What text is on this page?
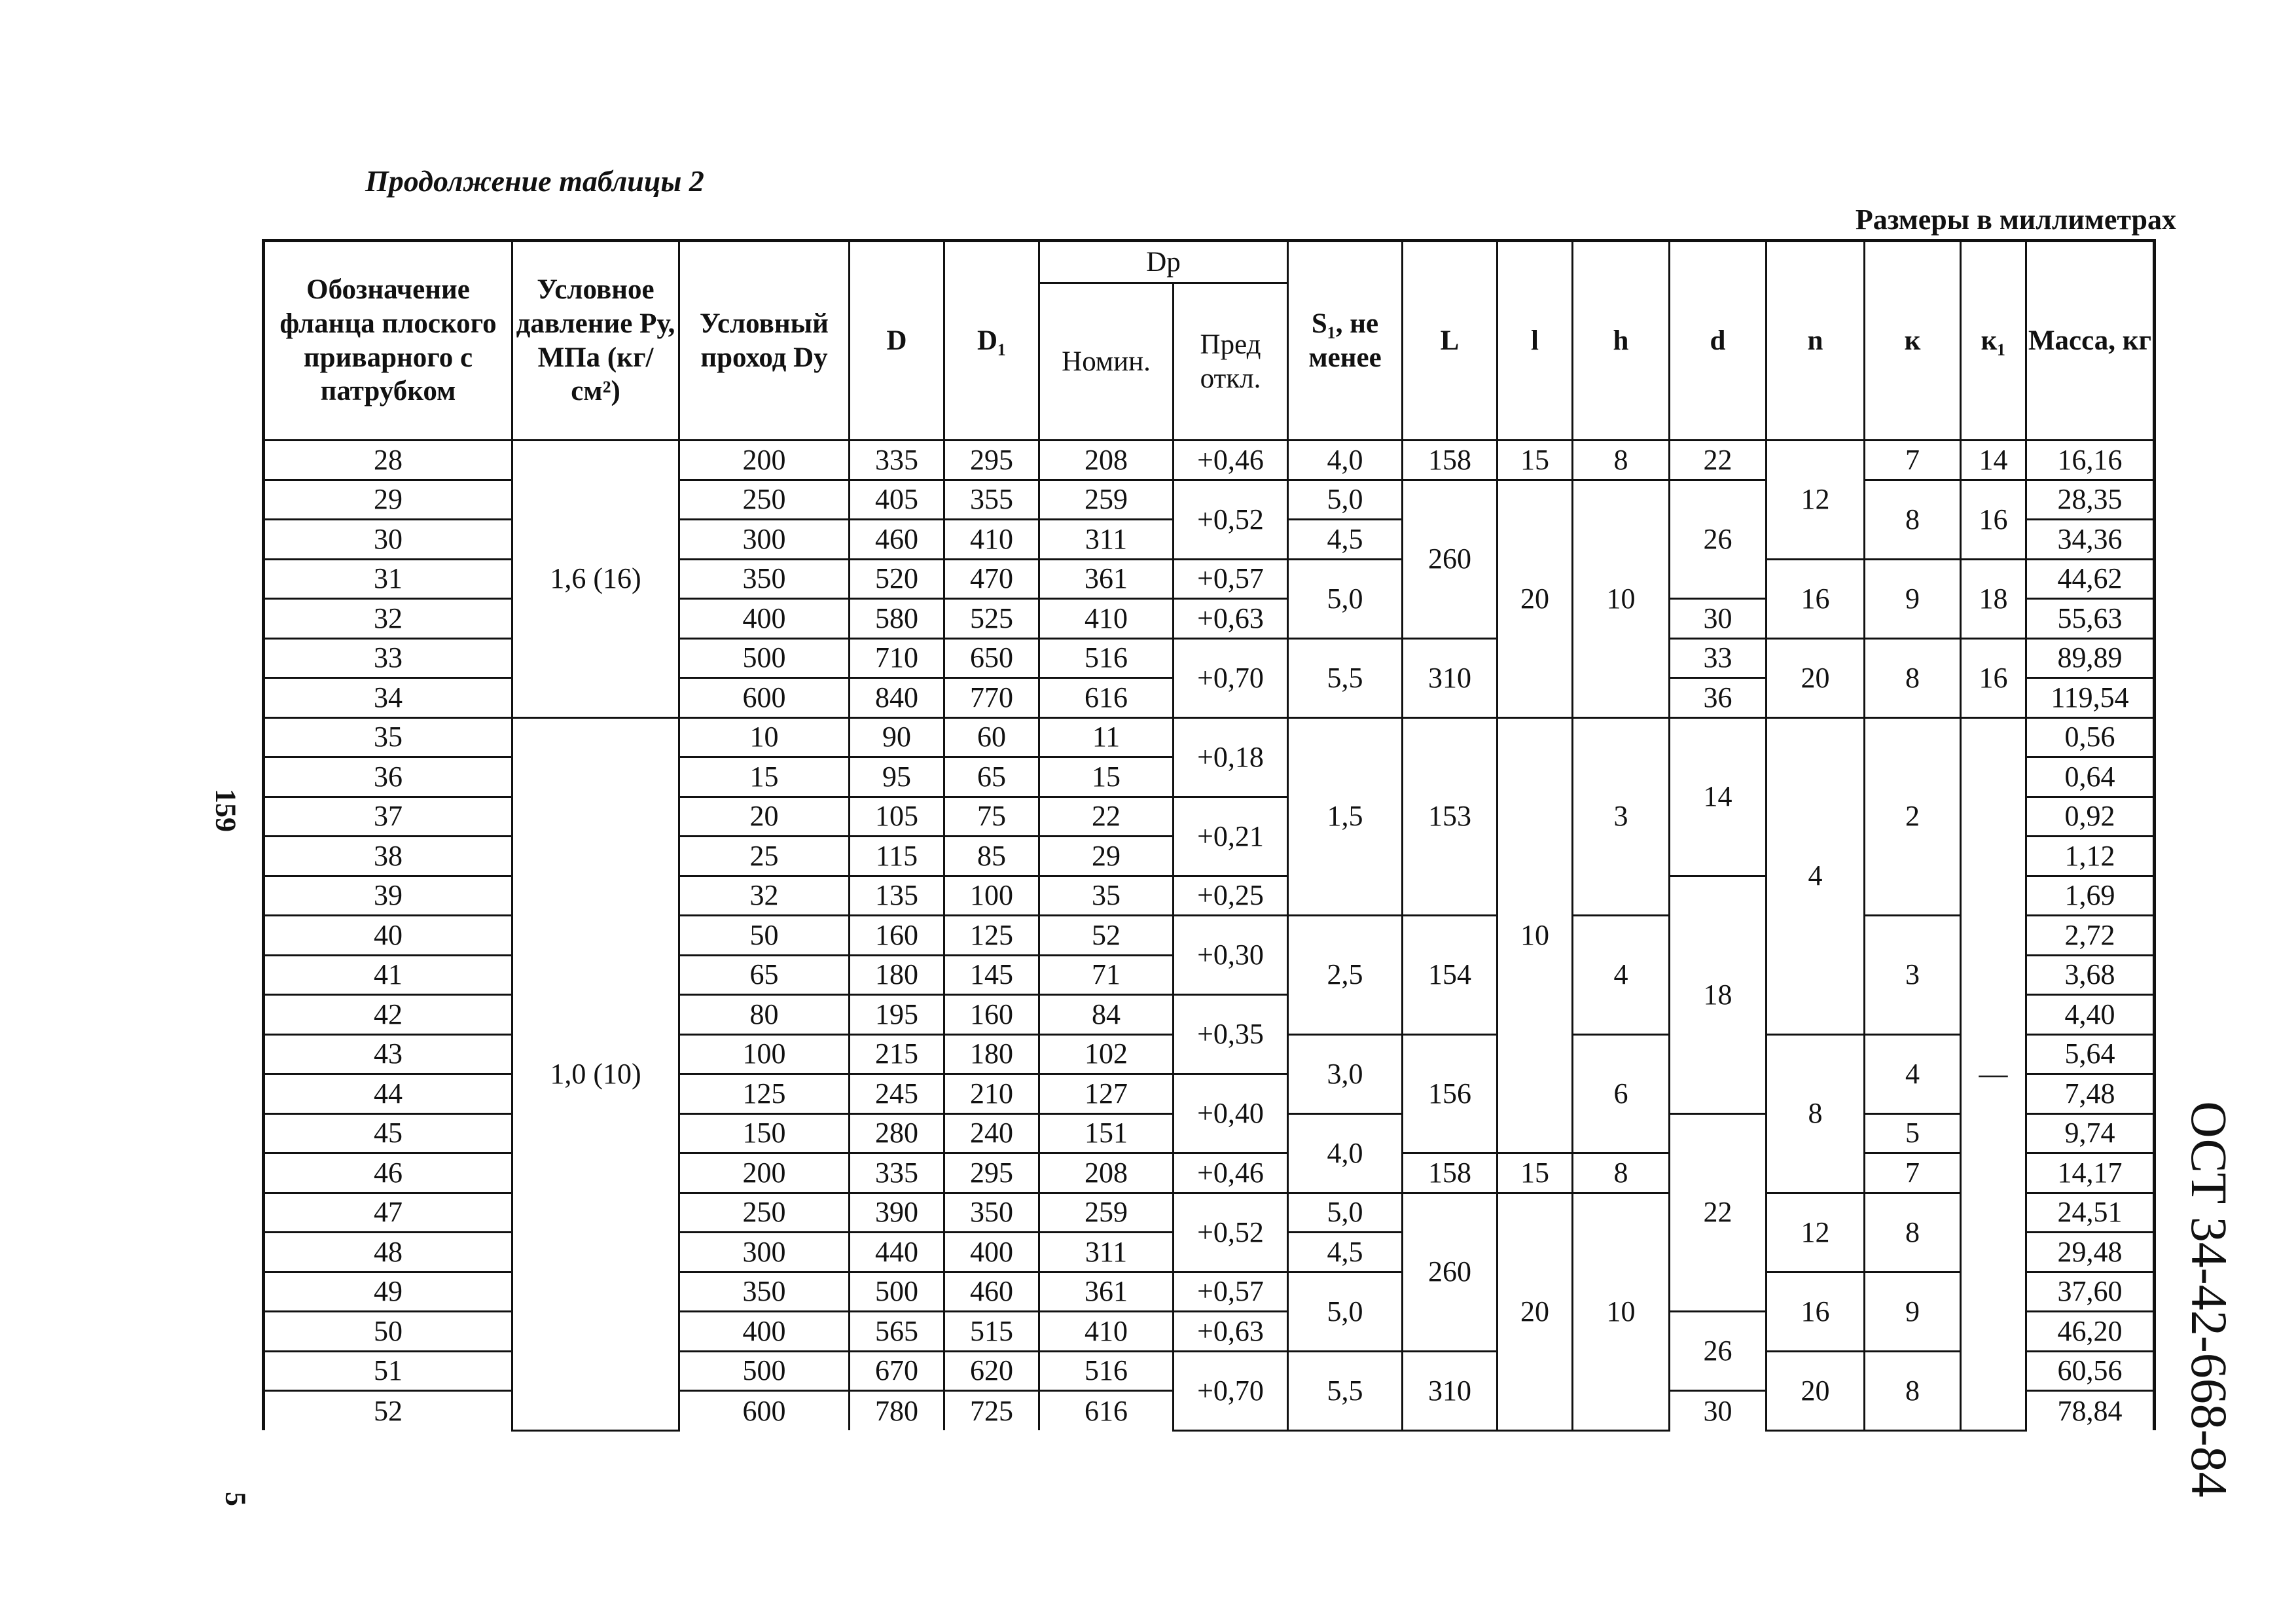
Продолжение таблицы 2
Размеры в миллиметрах
159
5
ОСТ 34-42-668-84
Обозначение фланца плоского приварного с патрубком	Условное давление Ру, МПа (кг/см²)	Условный проход Dy	D	D₁	Dp		S₁, не менее	L	l	h	d	n	к	к₁	Масса, кг
					Номин.	Пред откл.									
28	1,6 (16)	200	335	295	208	+0,46	4,0	158	15	8	22	12	7	14	16,16
29		250	405	355	259	+0,52	5,0	260	20	10	26		8	16	28,35
30		300	460	410	311		4,5								34,36
31		350	520	470	361	+0,57	5,0					16	9	18	44,62
32		400	580	525	410	+0,63					30				55,63
33		500	710	650	516	+0,70	5,5	310			33	20	8	16	89,89
34		600	840	770	616						36				119,54
35	1,0 (10)	10	90	60	11	+0,18	1,5	153	10	3	14	4	2	—	0,56
36		15	95	65	15										0,64
37		20	105	75	22	+0,21									0,92
38		25	115	85	29										1,12
39		32	135	100	35	+0,25					18				1,69
40		50	160	125	52	+0,30	2,5	154		4			3		2,72
41		65	180	145	71										3,68
42		80	195	160	84	+0,35									4,40
43		100	215	180	102		3,0	156		6		8	4		5,64
44		125	245	210	127	+0,40									7,48
45		150	280	240	151		4,0				22		5		9,74
46		200	335	295	208	+0,46		158	15	8			7		14,17
47		250	390	350	259	+0,52	5,0	260	20	10		12	8		24,51
48		300	440	400	311		4,5								29,48
49		350	500	460	361	+0,57	5,0					16	9		37,60
50		400	565	515	410	+0,63					26				46,20
51		500	670	620	516	+0,70	5,5	310				20	8		60,56
52		600	780	725	616						30				78,84
